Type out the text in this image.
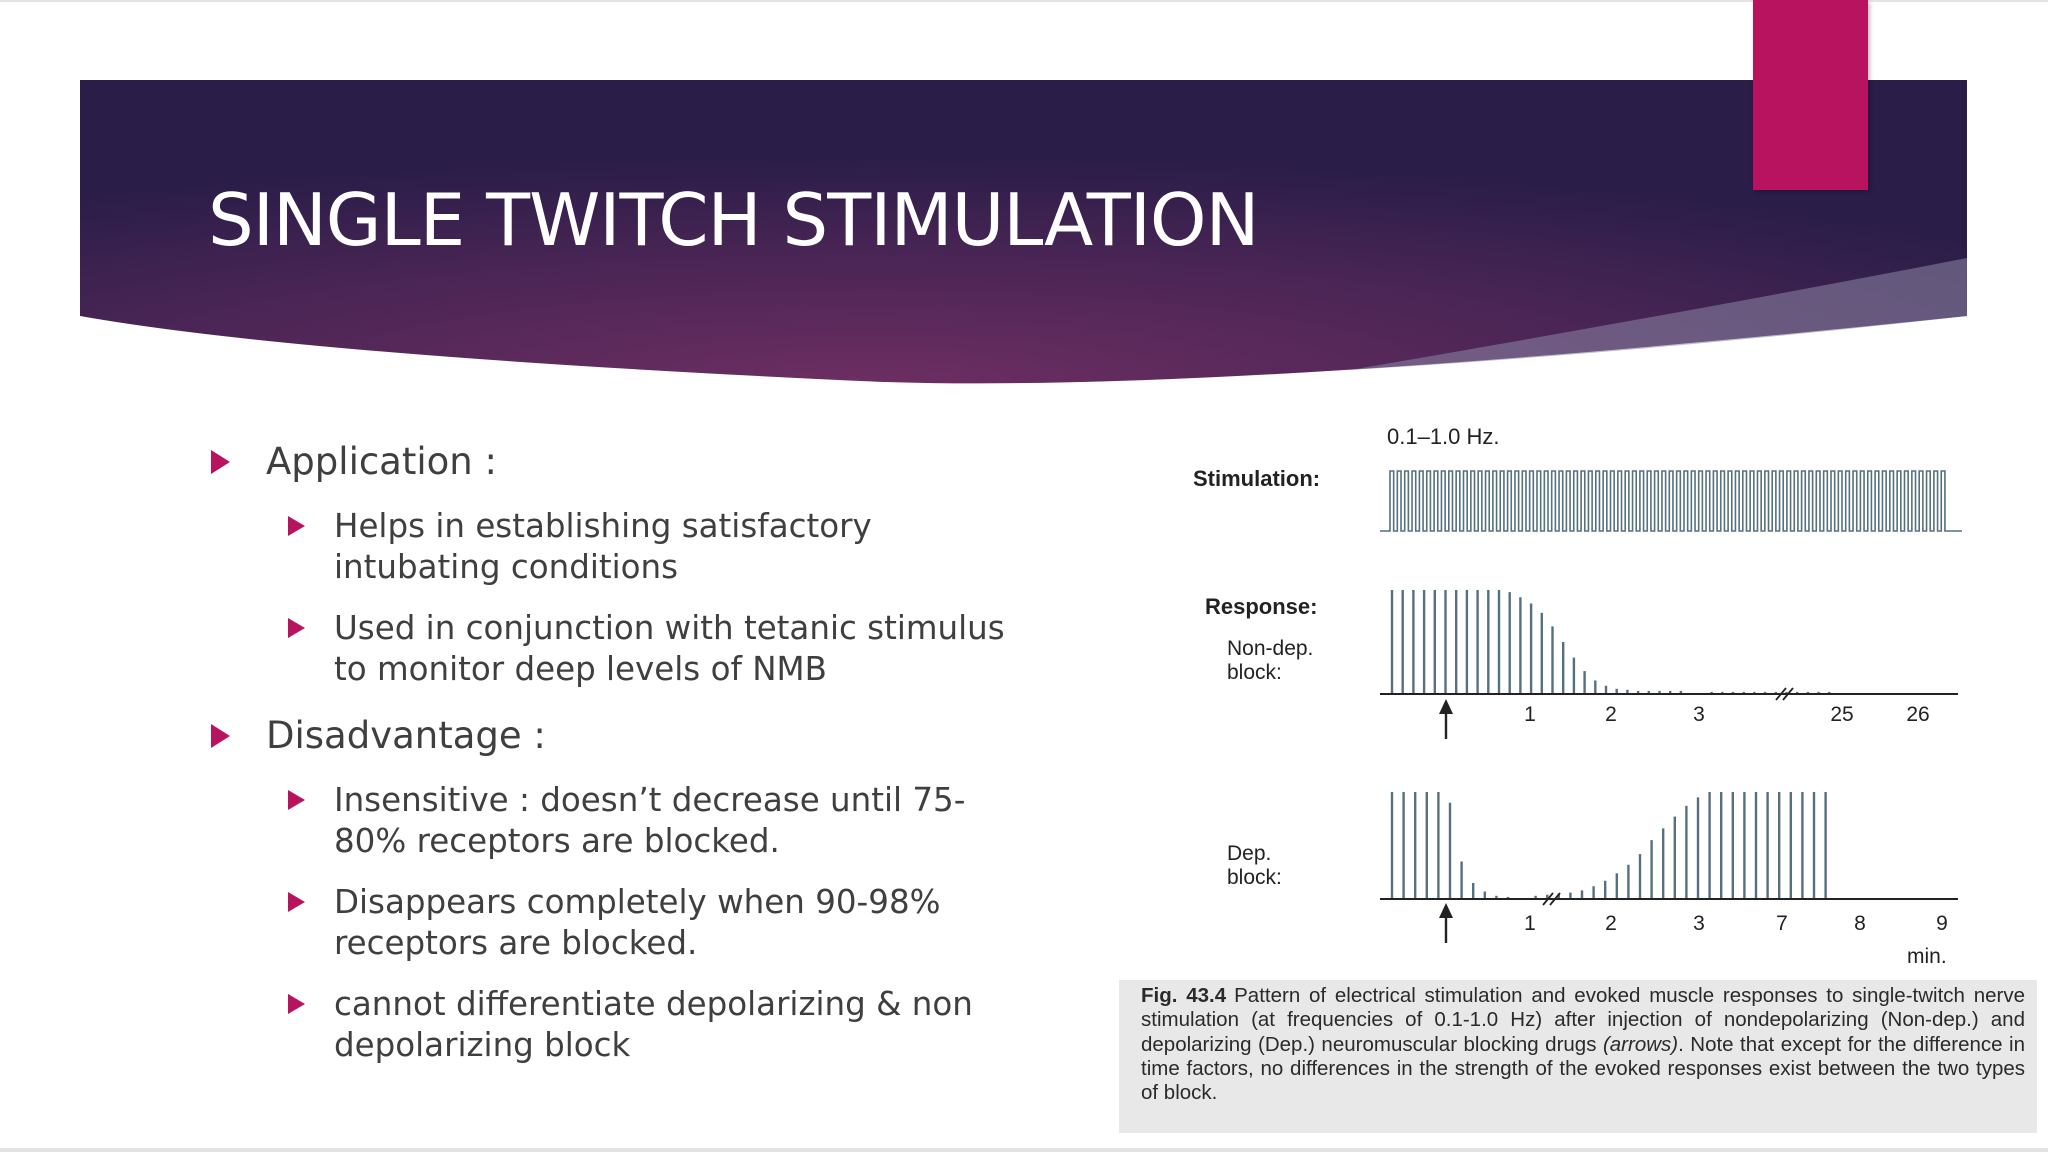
SINGLE TWITCH STIMULATION

Application :

Helps in establishing satisfactory intubating conditions

Used in conjunction with tetanic stimulus to monitor deep levels of NMB

Disadvantage :

Insensitive : doesn’t decrease until 75-80% receptors are blocked.

Disappears completely when 90-98% receptors are blocked.

cannot differentiate depolarizing & non depolarizing block

0.1–1.0 Hz.
Stimulation:
Response:
Non-dep.
block:
1	2	3	25	26
Dep.
block:
1	2	3	7	8	9
min.
Fig. 43.4 Pattern of electrical stimulation and evoked muscle responses to single-twitch nerve stimulation (at frequencies of 0.1-1.0 Hz) after injection of nondepolarizing (Non-dep.) and depolarizing (Dep.) neuromuscular blocking drugs (arrows). Note that except for the difference in time factors, no differences in the strength of the evoked responses exist between the two types of block.
